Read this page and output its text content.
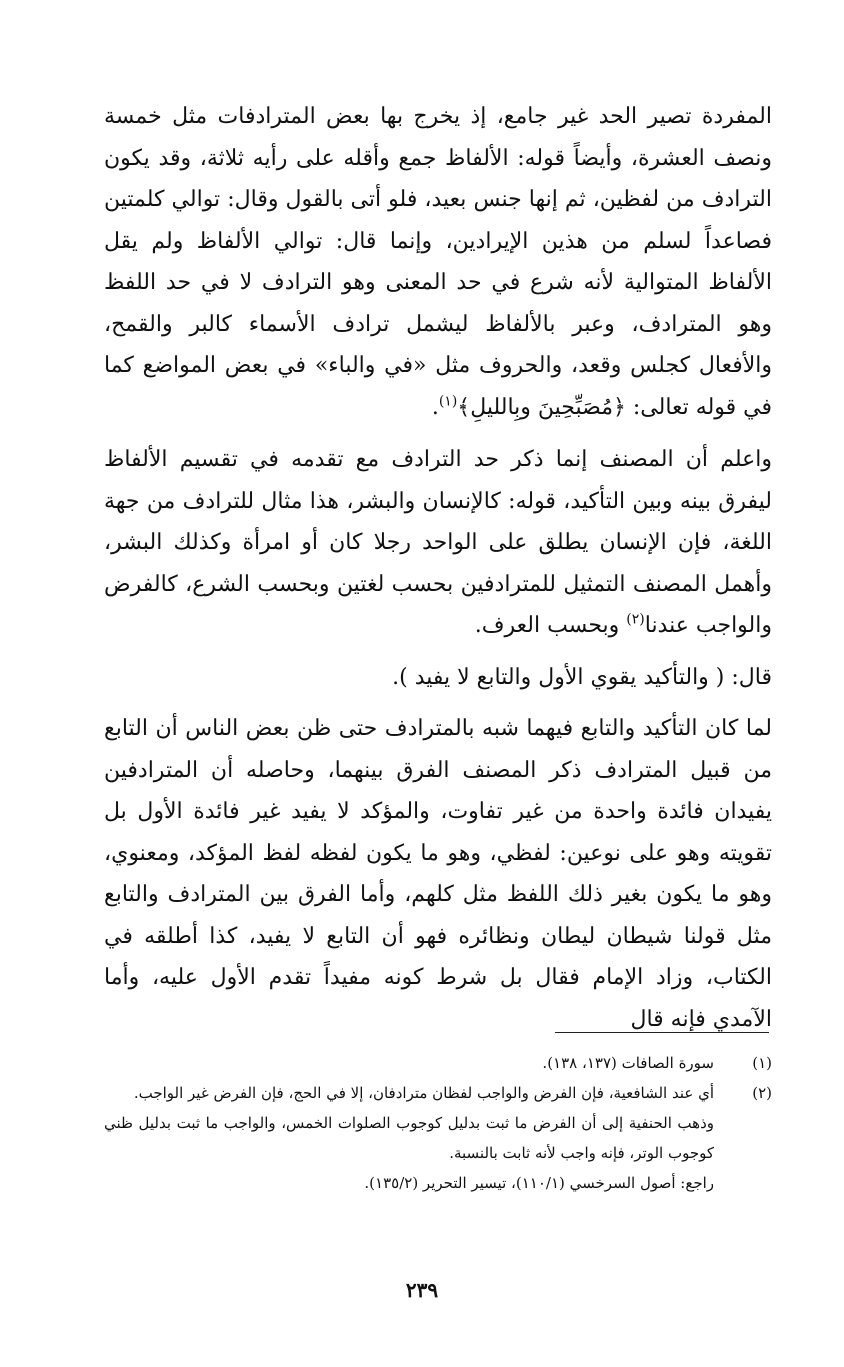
المفردة تصير الحد غير جامع، إذ يخرج بها بعض المترادفات مثل خمسة ونصف العشرة، وأيضاً قوله: الألفاظ جمع وأقله على رأيه ثلاثة، وقد يكون الترادف من لفظين، ثم إنها جنس بعيد، فلو أتى بالقول وقال: توالي كلمتين فصاعداً لسلم من هذين الإيرادين، وإنما قال: توالي الألفاظ ولم يقل الألفاظ المتوالية لأنه شرع في حد المعنى وهو الترادف لا في حد اللفظ وهو المترادف، وعبر بالألفاظ ليشمل ترادف الأسماء كالبر والقمح، والأفعال كجلس وقعد، والحروف مثل «في والباء» في بعض المواضع كما في قوله تعالى: ﴿مُصَبِّحِينَ وبِالليلِ﴾$^{(١)}$.

واعلم أن المصنف إنما ذكر حد الترادف مع تقدمه في تقسيم الألفاظ ليفرق بينه وبين التأكيد، قوله: كالإنسان والبشر، هذا مثال للترادف من جهة اللغة، فإن الإنسان يطلق على الواحد رجلا كان أو امرأة وكذلك البشر، وأهمل المصنف التمثيل للمترادفين بحسب لغتين وبحسب الشرع، كالفرض والواجب عندنا$^{(٢)}$ وبحسب العرف.

قال: ( والتأكيد يقوي الأول والتابع لا يفيد ).

لما كان التأكيد والتابع فيهما شبه بالمترادف حتى ظن بعض الناس أن التابع من قبيل المترادف ذكر المصنف الفرق بينهما، وحاصله أن المترادفين يفيدان فائدة واحدة من غير تفاوت، والمؤكد لا يفيد غير فائدة الأول بل تقويته وهو على نوعين: لفظي، وهو ما يكون لفظه لفظ المؤكد، ومعنوي، وهو ما يكون بغير ذلك اللفظ مثل كلهم، وأما الفرق بين المترادف والتابع مثل قولنا شيطان ليطان ونظائره فهو أن التابع لا يفيد، كذا أطلقه في الكتاب، وزاد الإمام فقال بل شرط كونه مفيداً تقدم الأول عليه، وأما الآمدي فإنه قال

(١)
سورة الصافات (١٣٧، ١٣٨).

(٢)
أي عند الشافعية، فإن الفرض والواجب لفظان مترادفان، إلا في الحج، فإن الفرض غير الواجب.

وذهب الحنفية إلى أن الفرض ما ثبت بدليل كوجوب الصلوات الخمس، والواجب ما ثبت بدليل ظني كوجوب الوتر، فإنه واجب لأنه ثابت بالنسبة.

راجع: أصول السرخسي (١١٠/١)، تيسير التحرير (١٣٥/٢).

٢٣٩
